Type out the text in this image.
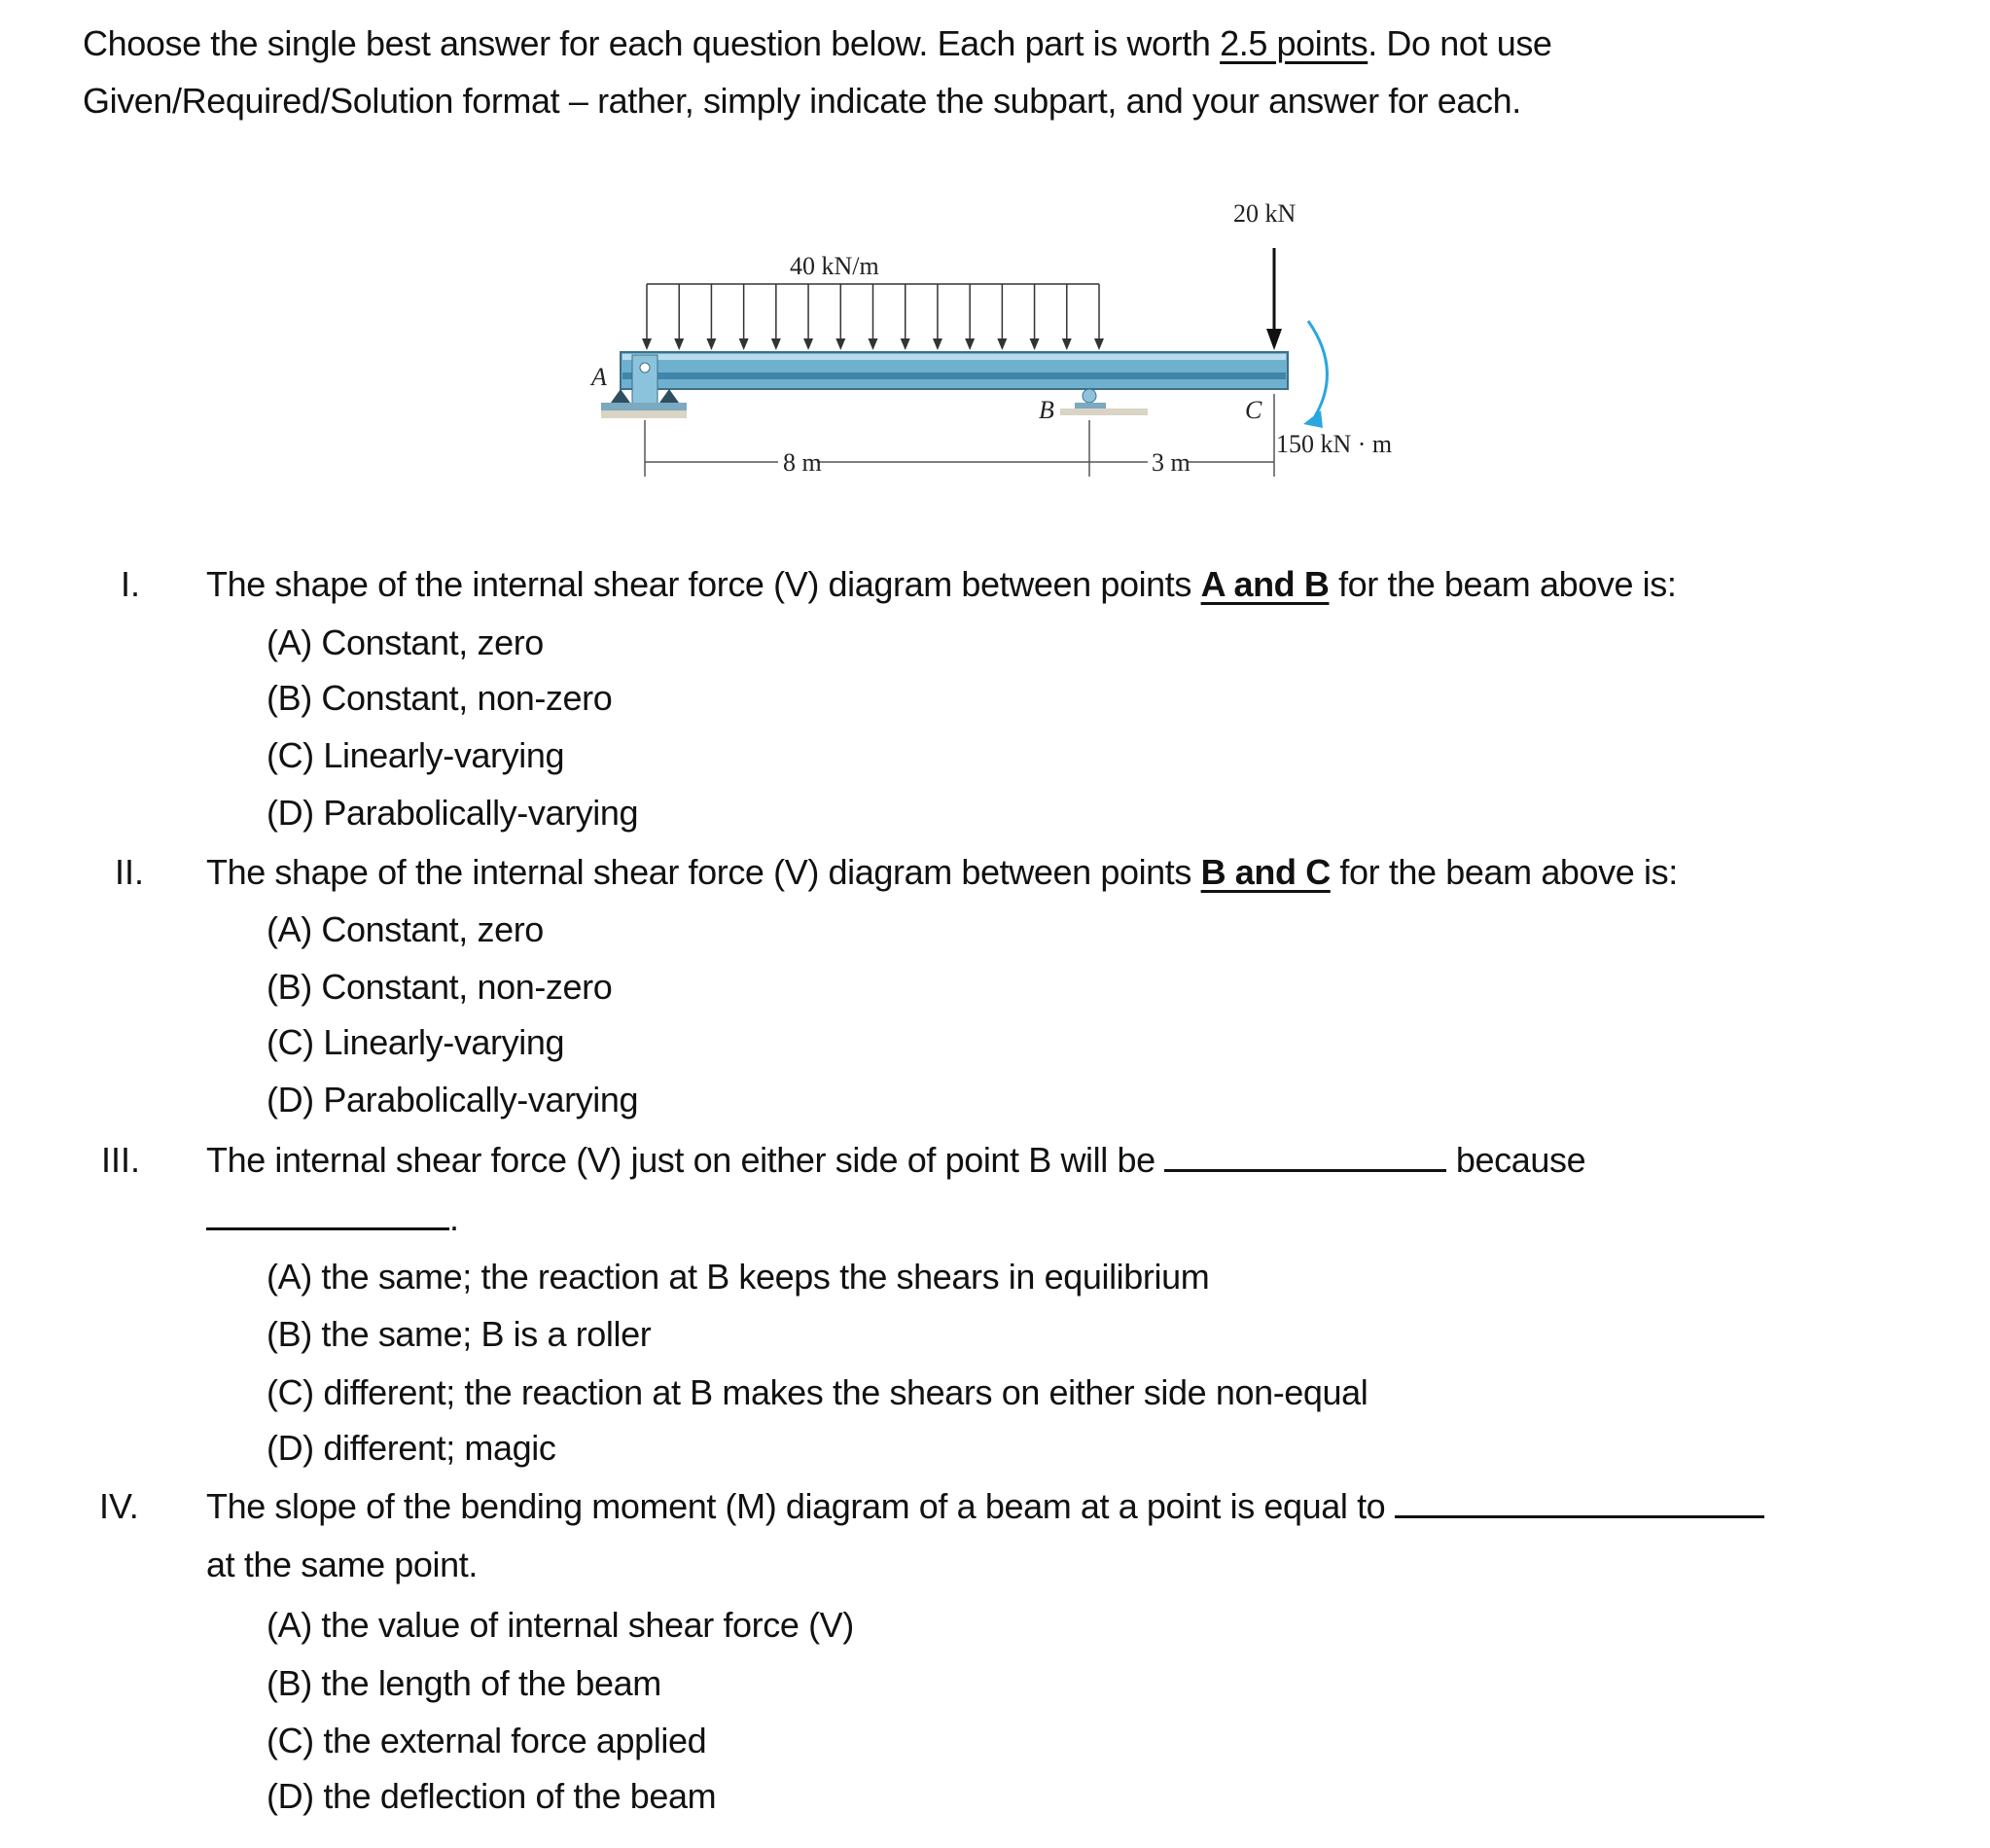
Choose the single best answer for each question below. Each part is worth 2.5 points. Do not use
Given/Required/Solution format – rather, simply indicate the subpart, and your answer for each.
40 kN/m
A
B	C
20 kN
150 kN · m
8 m	3 m
I. The shape of the internal shear force (V) diagram between points A and B for the beam above is:
(A) Constant, zero
(B) Constant, non-zero
(C) Linearly-varying
(D) Parabolically-varying
II. The shape of the internal shear force (V) diagram between points B and C for the beam above is:
(A) Constant, zero
(B) Constant, non-zero
(C) Linearly-varying
(D) Parabolically-varying
III. The internal shear force (V) just on either side of point B will be	because
.
(A) the same; the reaction at B keeps the shears in equilibrium
(B) the same; B is a roller
(C) different; the reaction at B makes the shears on either side non-equal
(D) different; magic
IV. The slope of the bending moment (M) diagram of a beam at a point is equal to
at the same point.
(A) the value of internal shear force (V)
(B) the length of the beam
(C) the external force applied
(D) the deflection of the beam
